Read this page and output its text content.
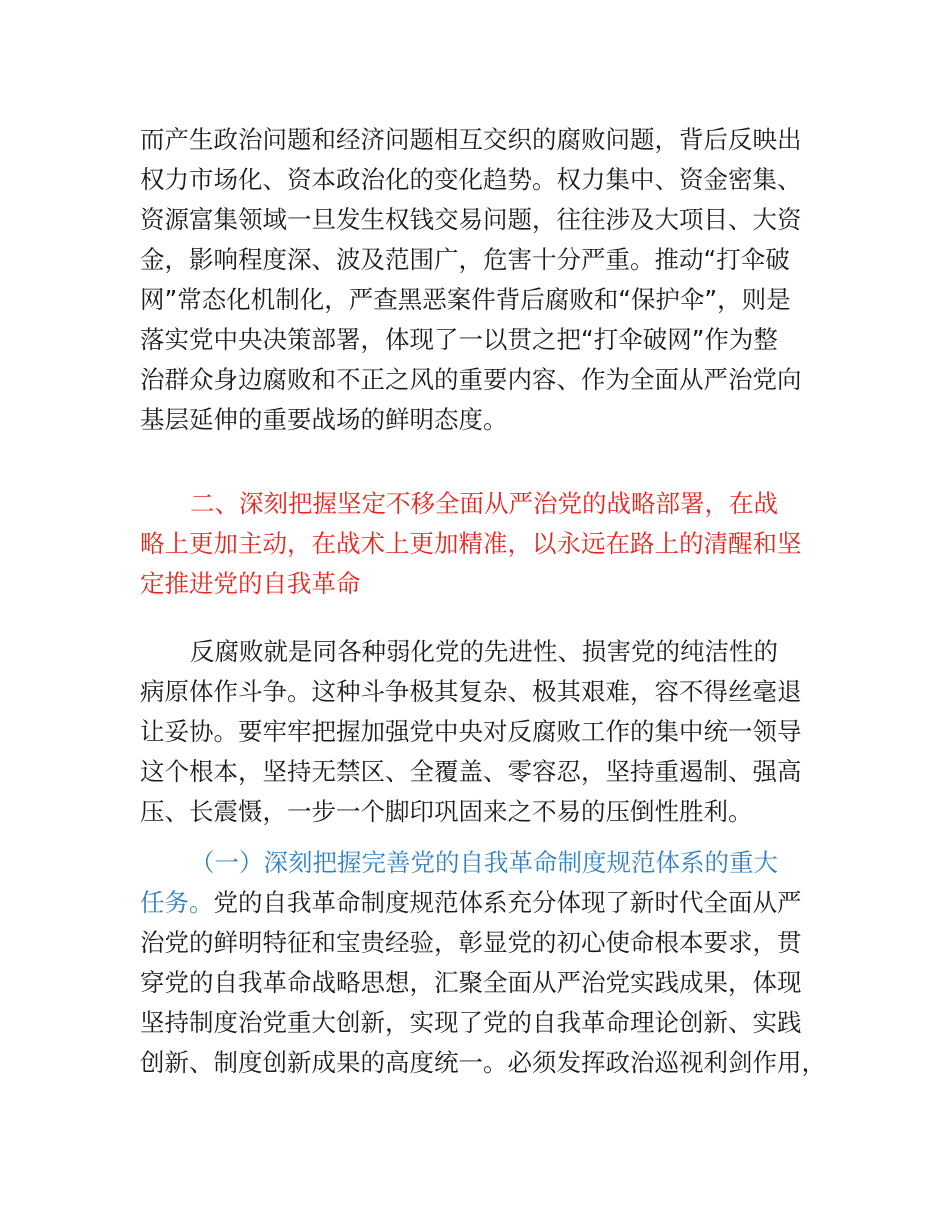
而产生政治问题和经济问题相互交织的腐败问题，背后反映出
权力市场化、资本政治化的变化趋势。权力集中、资金密集、
资源富集领域一旦发生权钱交易问题，往往涉及大项目、大资
金，影响程度深、波及范围广，危害十分严重。推动“打伞破
网”常态化机制化，严查黑恶案件背后腐败和“保护伞”，则是
落实党中央决策部署，体现了一以贯之把“打伞破网”作为整
治群众身边腐败和不正之风的重要内容、作为全面从严治党向
基层延伸的重要战场的鲜明态度。
二、深刻把握坚定不移全面从严治党的战略部署，在战
略上更加主动，在战术上更加精准，以永远在路上的清醒和坚
定推进党的自我革命
反腐败就是同各种弱化党的先进性、损害党的纯洁性的
病原体作斗争。这种斗争极其复杂、极其艰难，容不得丝毫退
让妥协。要牢牢把握加强党中央对反腐败工作的集中统一领导
这个根本，坚持无禁区、全覆盖、零容忍，坚持重遏制、强高
压、长震慑，一步一个脚印巩固来之不易的压倒性胜利。
（一）深刻把握完善党的自我革命制度规范体系的重大
任务。党的自我革命制度规范体系充分体现了新时代全面从严
治党的鲜明特征和宝贵经验，彰显党的初心使命根本要求，贯
穿党的自我革命战略思想，汇聚全面从严治党实践成果，体现
坚持制度治党重大创新，实现了党的自我革命理论创新、实践
创新、制度创新成果的高度统一。必须发挥政治巡视利剑作用，
